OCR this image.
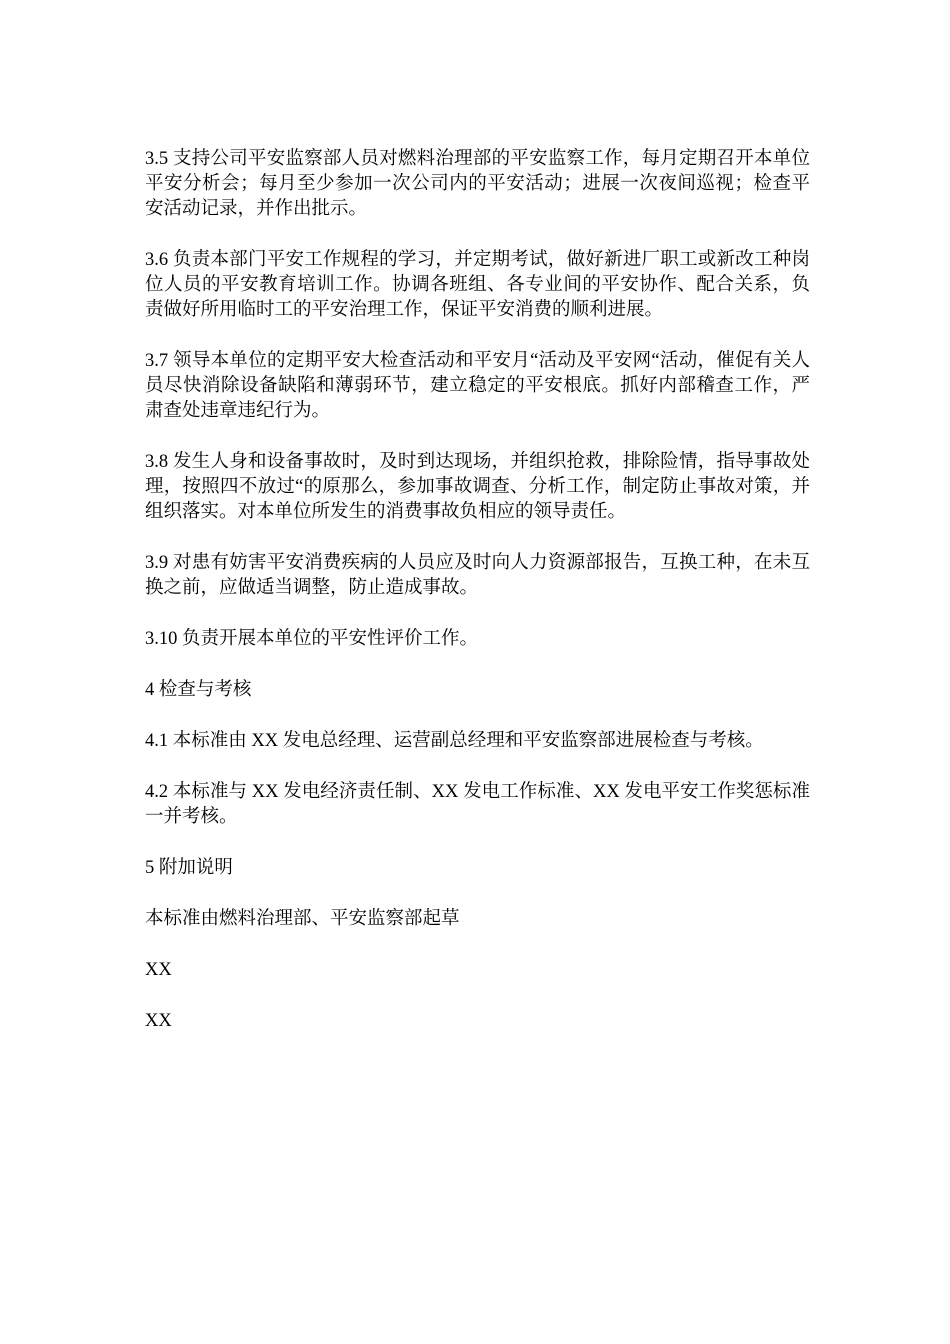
3.5 支持公司平安监察部人员对燃料治理部的平安监察工作，每月定期召开本单位平安分析会；每月至少参加一次公司内的平安活动；进展一次夜间巡视；检查平安活动记录，并作出批示。

3.6 负责本部门平安工作规程的学习，并定期考试，做好新进厂职工或新改工种岗位人员的平安教育培训工作。协调各班组、各专业间的平安协作、配合关系，负责做好所用临时工的平安治理工作，保证平安消费的顺利进展。

3.7 领导本单位的定期平安大检查活动和平安月“活动及平安网“活动，催促有关人员尽快消除设备缺陷和薄弱环节，建立稳定的平安根底。抓好内部稽查工作，严肃查处违章违纪行为。

3.8 发生人身和设备事故时，及时到达现场，并组织抢救，排除险情，指导事故处理，按照四不放过“的原那么，参加事故调查、分析工作，制定防止事故对策，并组织落实。对本单位所发生的消费事故负相应的领导责任。

3.9 对患有妨害平安消费疾病的人员应及时向人力资源部报告，互换工种，在未互换之前，应做适当调整，防止造成事故。

3.10 负责开展本单位的平安性评价工作。

4 检查与考核

4.1 本标准由 XX 发电总经理、运营副总经理和平安监察部进展检查与考核。

4.2 本标准与 XX 发电经济责任制、XX 发电工作标准、XX 发电平安工作奖惩标准一并考核。

5 附加说明

本标准由燃料治理部、平安监察部起草

XX

XX
